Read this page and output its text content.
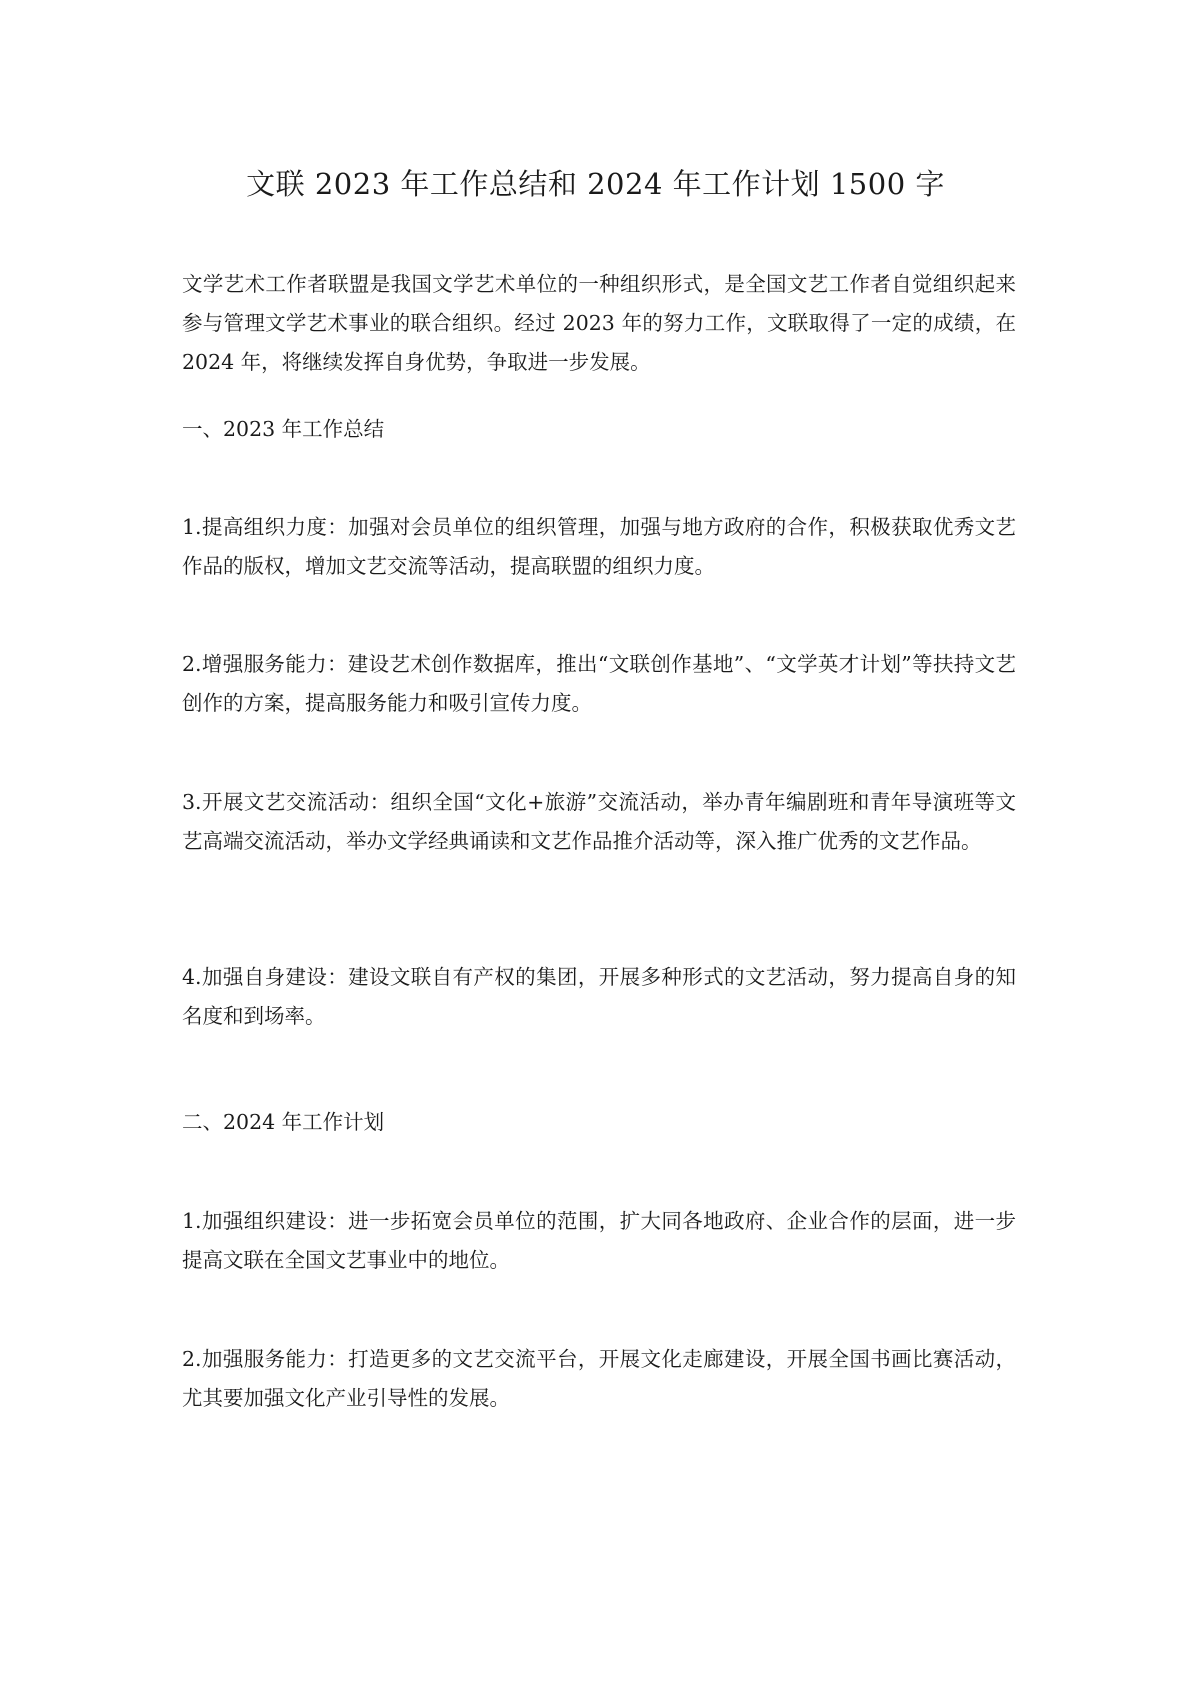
文联 2023 年工作总结和 2024 年工作计划 1500 字
文学艺术工作者联盟是我国文学艺术单位的一种组织形式，是全国文艺工作者自觉组织起来参与管理文学艺术事业的联合组织。经过 2023 年的努力工作，文联取得了一定的成绩，在 2024 年，将继续发挥自身优势，争取进一步发展。
一、2023 年工作总结
1.提高组织力度：加强对会员单位的组织管理，加强与地方政府的合作，积极获取优秀文艺作品的版权，增加文艺交流等活动，提高联盟的组织力度。
2.增强服务能力：建设艺术创作数据库，推出“文联创作基地”、“文学英才计划”等扶持文艺创作的方案，提高服务能力和吸引宣传力度。
3.开展文艺交流活动：组织全国“文化+旅游”交流活动，举办青年编剧班和青年导演班等文艺高端交流活动，举办文学经典诵读和文艺作品推介活动等，深入推广优秀的文艺作品。
4.加强自身建设：建设文联自有产权的集团，开展多种形式的文艺活动，努力提高自身的知名度和到场率。
二、2024 年工作计划
1.加强组织建设：进一步拓宽会员单位的范围，扩大同各地政府、企业合作的层面，进一步提高文联在全国文艺事业中的地位。
2.加强服务能力：打造更多的文艺交流平台，开展文化走廊建设，开展全国书画比赛活动，尤其要加强文化产业引导性的发展。
